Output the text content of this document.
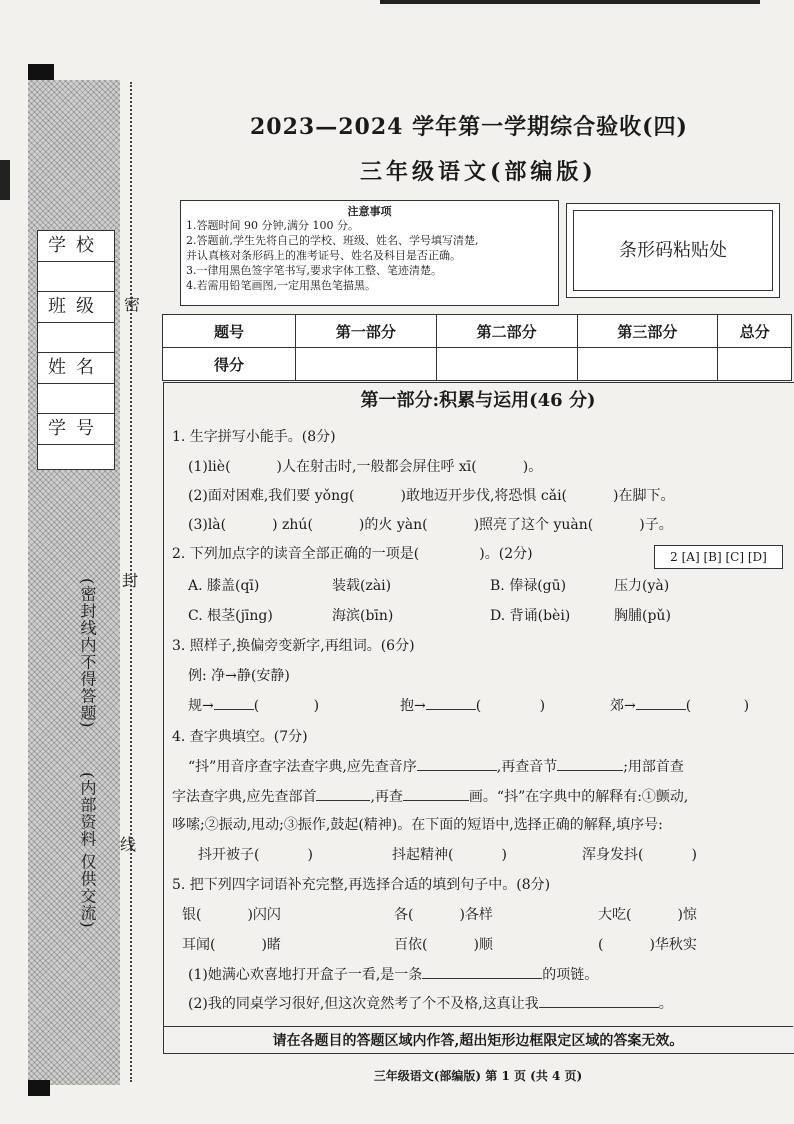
学校
班级
姓名
学号
(密封线内不得答题)
(内部资料 仅供交流)
密
封
线
2023—2024 学年第一学期综合验收(四)
三年级语文(部编版)
注意事项
1.答题时间 90 分钟,满分 100 分。
2.答题前,学生先将自己的学校、班级、姓名、学号填写清楚,
并认真核对条形码上的准考证号、姓名及科目是否正确。
3.一律用黑色签字笔书写,要求字体工整、笔迹清楚。
4.若需用铅笔画图,一定用黑色笔描黑。
条形码粘贴处
题号	第一部分	第二部分	第三部分	总分
得分				
第一部分:积累与运用(46 分)
1. 生字拼写小能手。(8分)
(1)liè(	)人在射击时,一般都会屏住呼 xī(	)。
(2)面对困难,我们要 yǒng(	)敢地迈开步伐,将恐惧 cǎi(	)在脚下。
(3)là(	) zhú(	)的火 yàn(	)照亮了这个 yuàn(	)子。
2. 下列加点字的读音全部正确的一项是(	)。(2分)	2 [A] [B] [C] [D]
A. 膝盖(qī)	装载(zài)	B. 俸禄(gū)	压力(yà)
C. 根茎(jīng)	海滨(bīn)	D. 背诵(bèi)	胸脯(pǔ)
3. 照样子,换偏旁变新字,再组词。(6分)
例: 净→静(安静)
规→	(	)	抱→	(	)	郊→	(	)
4. 查字典填空。(7分)
“抖”用音序查字法查字典,应先查音序	,再查音节	;用部首查
字法查字典,应先查部首	,再查	画。“抖”在字典中的解释有:①颤动,
哆嗦;②振动,甩动;③振作,鼓起(精神)。在下面的短语中,选择正确的解释,填序号:
抖开被子(	)	抖起精神(	)	浑身发抖(	)
5. 把下列四字词语补充完整,再选择合适的填到句子中。(8分)
银(	)闪闪	各(	)各样	大吃(	)惊
耳闻(	)睹	百依(	)顺	(	)华秋实
(1)她满心欢喜地打开盒子一看,是一条	的项链。
(2)我的同桌学习很好,但这次竟然考了个不及格,这真让我	。
请在各题目的答题区域内作答,超出矩形边框限定区域的答案无效。
三年级语文(部编版) 第 1 页 (共 4 页)
